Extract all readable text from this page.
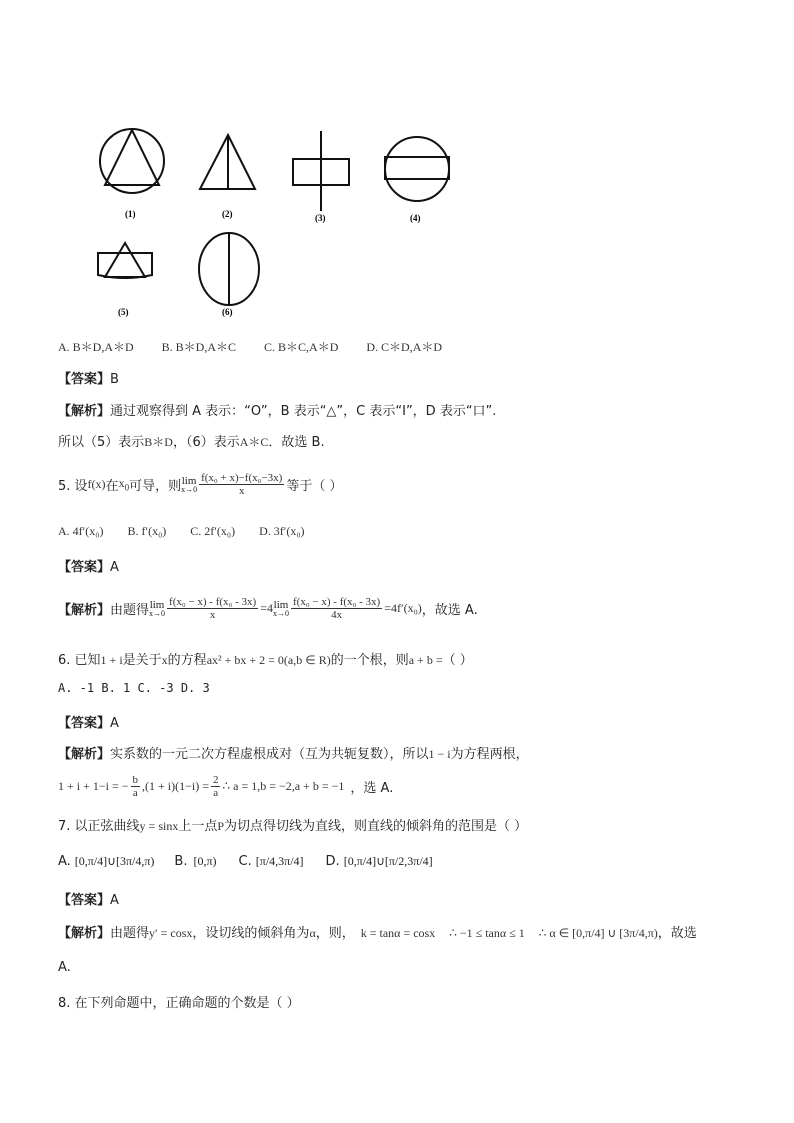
(1)	(2)	(3)	(4)
(5)	(6)
A. B＊D,A＊D B. B＊D,A＊C C. B＊C,A＊D D. C＊D,A＊D
【答案】B
【解析】通过观察得到 A 表示：“O”，B 表示“△”，C 表示“I”，D 表示“口”.
所以（5）表示B＊D，（6）表示A＊C．故选 B.
5. 设 f(x) 在 $x_0$ 可导，则 lim
$x\to 0 \frac{\text{f(x₀ + x)−f(x₀−3x)}}{x}$ 等于（ ）
A. 4f′(x₀) B. f′(x₀) C. 2f′(x₀) D. 3f′(x₀)
【答案】A
【解析】 由题得 lim
$x\to 0 \frac{\text{f(x₀ − x) - f(x₀ - 3x)}}{x} =4$ lim
$x\to 0 \frac{\text{f(x₀ − x) - f(x₀ - 3x)}}{4x} =4f'(x_0)$ ，故选 A.
6. 已知1 + i是关于x的方程ax² + bx + 2 = 0(a,b ∈ R)的一个根，则a + b =（ ）
A. -1 B. 1 C. -3 D. 3
【答案】A
【解析】实系数的一元二次方程虚根成对（互为共轭复数），所以1 − i为方程两根，
1 + i + 1−i = − $\frac{b}{a} ,(1 + i)(1-i) = \frac{2}{a}$ ∴ a = 1,b = −2,a + b = −1 ，选 A.
7. 以正弦曲线y = sinx上一点P为切点得切线为直线，则直线的倾斜角的范围是（ ）
A. [0,π/4]∪[3π/4,π) B. [0,π) C. [π/4,3π/4] D. [0,π/4]∪[π/2,3π/4]
【答案】A
【解析】由题得y′ = cosx，设切线的倾斜角为α，则， k = tanα = cosx ∴ −1 ≤ tanα ≤ 1 ∴ α ∈ [0,π/4] ∪ [3π/4,π)，故选
A.
8. 在下列命题中，正确命题的个数是（ ）
